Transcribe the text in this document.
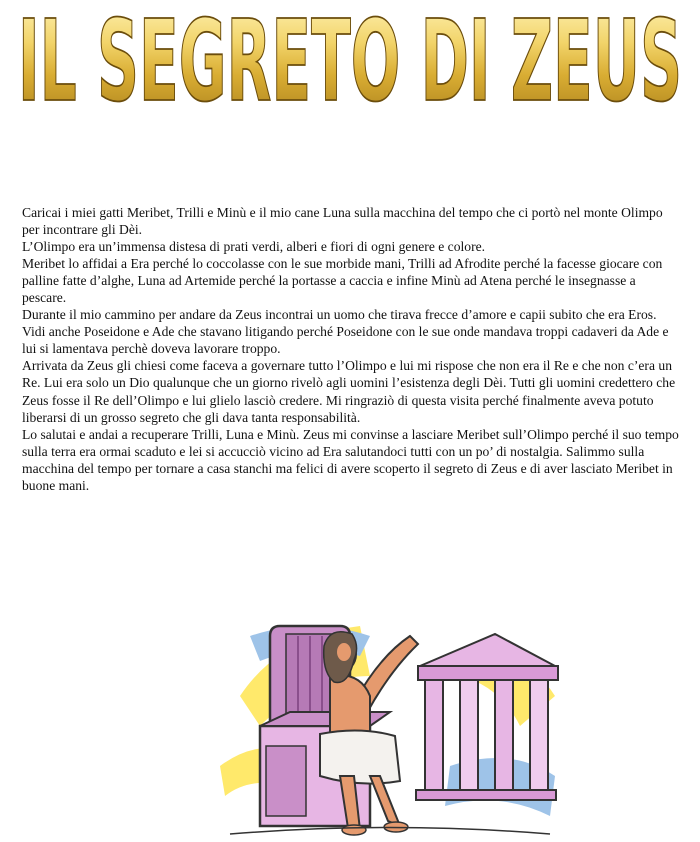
IL SEGRETO DI ZEUS

Caricai i miei gatti Meribet, Trilli e Minù e il mio cane Luna sulla macchina del tempo che ci portò nel monte Olimpo per incontrare gli Dèi.

L’Olimpo era un’immensa distesa di prati verdi, alberi e fiori di ogni genere e colore.

Meribet lo affidai a Era perché lo coccolasse con le sue morbide mani, Trilli ad Afrodite perché la facesse giocare con palline fatte d’alghe, Luna ad Artemide perché la portasse a caccia e infine Minù ad Atena perché le insegnasse a pescare.

Durante il mio cammino per andare da Zeus incontrai un uomo che tirava frecce d’amore e capii subito che era Eros.

Vidi anche Poseidone e Ade che stavano litigando perché Poseidone con le sue onde mandava troppi cadaveri da Ade e lui si lamentava perchè doveva lavorare troppo.

Arrivata da Zeus gli chiesi come faceva a governare tutto l’Olimpo e lui mi rispose che non era il Re e che non c’era un Re. Lui era solo un Dio qualunque che un giorno rivelò agli uomini l’esistenza degli Dèi. Tutti gli uomini credettero che Zeus fosse il Re dell’Olimpo e lui glielo lasciò credere. Mi ringraziò di questa visita perché finalmente aveva potuto liberarsi di un grosso segreto che gli dava tanta responsabilità.

Lo salutai e andai a recuperare Trilli, Luna e Minù. Zeus mi convinse a lasciare Meribet sull’Olimpo perché il suo tempo sulla terra era ormai scaduto e lei si accucciò vicino ad Era salutandoci tutti con un po’ di nostalgia. Salimmo sulla macchina del tempo per tornare a casa stanchi ma felici di avere scoperto il segreto di Zeus e di aver lasciato Meribet in buone mani.
